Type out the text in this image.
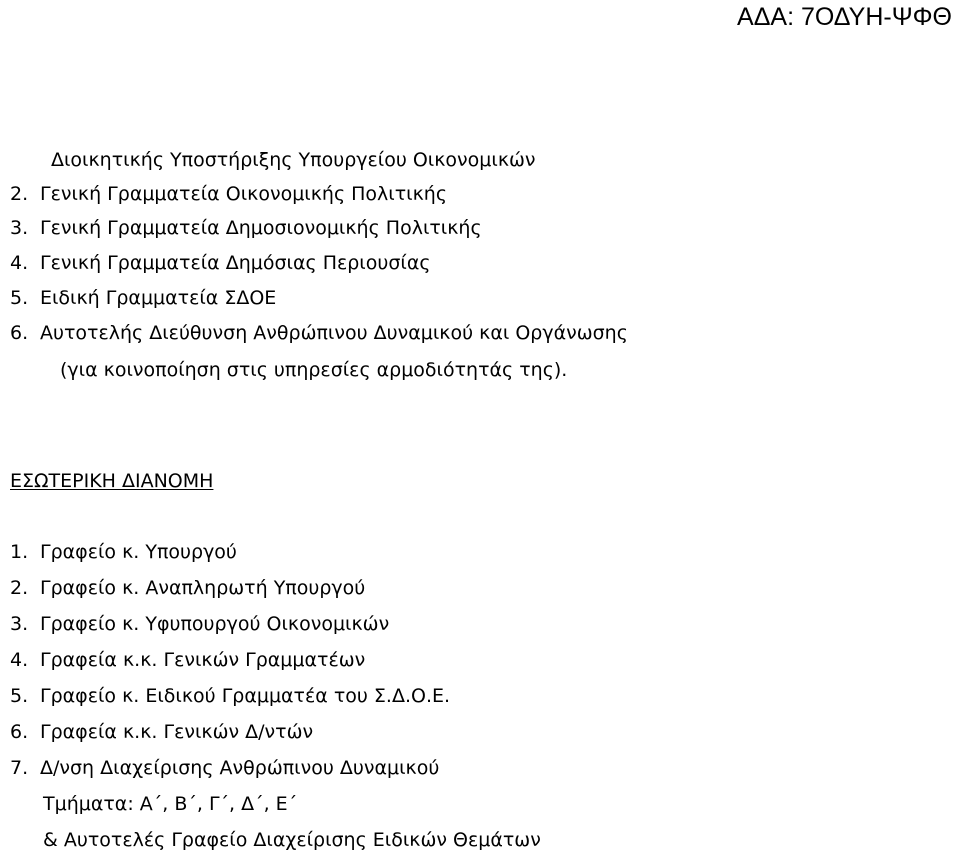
ΑΔΑ: 7ΟΔΥΗ-ΨΦΘ
Διοικητικής Υποστήριξης Υπουργείου Οικονομικών
2. Γενική Γραμματεία Οικονομικής Πολιτικής
3. Γενική Γραμματεία Δημοσιονομικής Πολιτικής
4. Γενική Γραμματεία Δημόσιας Περιουσίας
5. Ειδική Γραμματεία ΣΔΟΕ
6. Αυτοτελής Διεύθυνση Ανθρώπινου Δυναμικού και Οργάνωσης
(για κοινοποίηση στις υπηρεσίες αρμοδιότητάς της).
ΕΣΩΤΕΡΙΚΗ ΔΙΑΝΟΜΗ
1. Γραφείο κ. Υπουργού
2. Γραφείο κ. Αναπληρωτή Υπουργού
3. Γραφείο κ. Υφυπουργού Οικονομικών
4. Γραφεία κ.κ. Γενικών Γραμματέων
5. Γραφείο κ. Ειδικού Γραμματέα του Σ.Δ.Ο.Ε.
6. Γραφεία κ.κ. Γενικών Δ/ντών
7. Δ/νση Διαχείρισης Ανθρώπινου Δυναμικού
Τμήματα: Α΄, Β΄, Γ΄, Δ΄, Ε΄
& Αυτοτελές Γραφείο Διαχείρισης Ειδικών Θεμάτων
